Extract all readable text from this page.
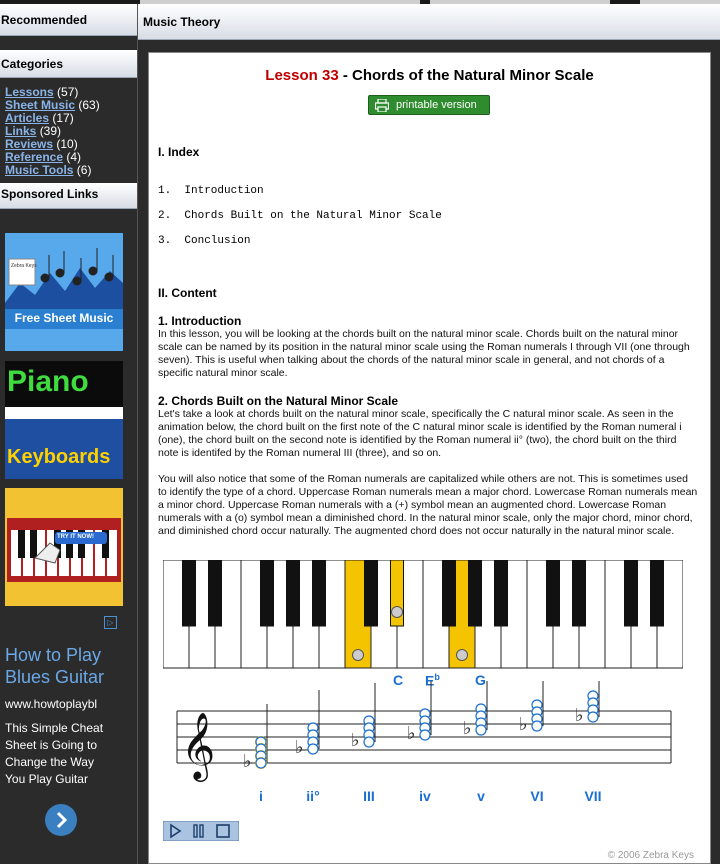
Recommended
Categories
Lessons (57)
Sheet Music (63)
Articles (17)
Links (39)
Reviews (10)
Reference (4)
Music Tools (6)
Sponsored Links
Zebra Keys
Free Sheet Music
Piano
Keyboards
TRY IT NOW!
▷
How to Play Blues Guitar
www.howtoplaybl
This Simple Cheat Sheet is Going to Change the Way You Play Guitar
Music Theory
Lesson 33 - Chords of the Natural Minor Scale
printable version
I. Index
1.  Introduction
2.  Chords Built on the Natural Minor Scale
3.  Conclusion
II. Content
1. Introduction
In this lesson, you will be looking at the chords built on the natural minor scale. Chords built on the natural minor scale can be named by its position in the natural minor scale using the Roman numerals I through VII (one through seven). This is useful when talking about the chords of the natural minor scale in general, and not chords of a specific natural minor scale.
2. Chords Built on the Natural Minor Scale
Let's take a look at chords built on the natural minor scale, specifically the C natural minor scale. As seen in the animation below, the chord built on the first note of the C natural minor scale is identified by the Roman numeral i (one), the chord built on the second note is identified by the Roman numeral ii° (two), the chord built on the third note is identifed by the Roman numeral III (three), and so on.
You will also notice that some of the Roman numerals are capitalized while others are not. This is sometimes used to identify the type of a chord. Uppercase Roman numerals mean a major chord. Lowercase Roman numerals mean a minor chord. Uppercase Roman numerals with a (+) symbol mean an augmented chord. Lowercase Roman numerals with a (o) symbol mean a diminished chord. In the natural minor scale, only the major chord, minor chord, and diminished chord occur naturally. The augmented chord does not occur naturally in the natural minor scale.
C $E^b$	G
𝄞 ♭
♭	♭	♭	♭	♭	♭
i	ii°	III	iv	v	VI	VII
© 2006 Zebra Keys
